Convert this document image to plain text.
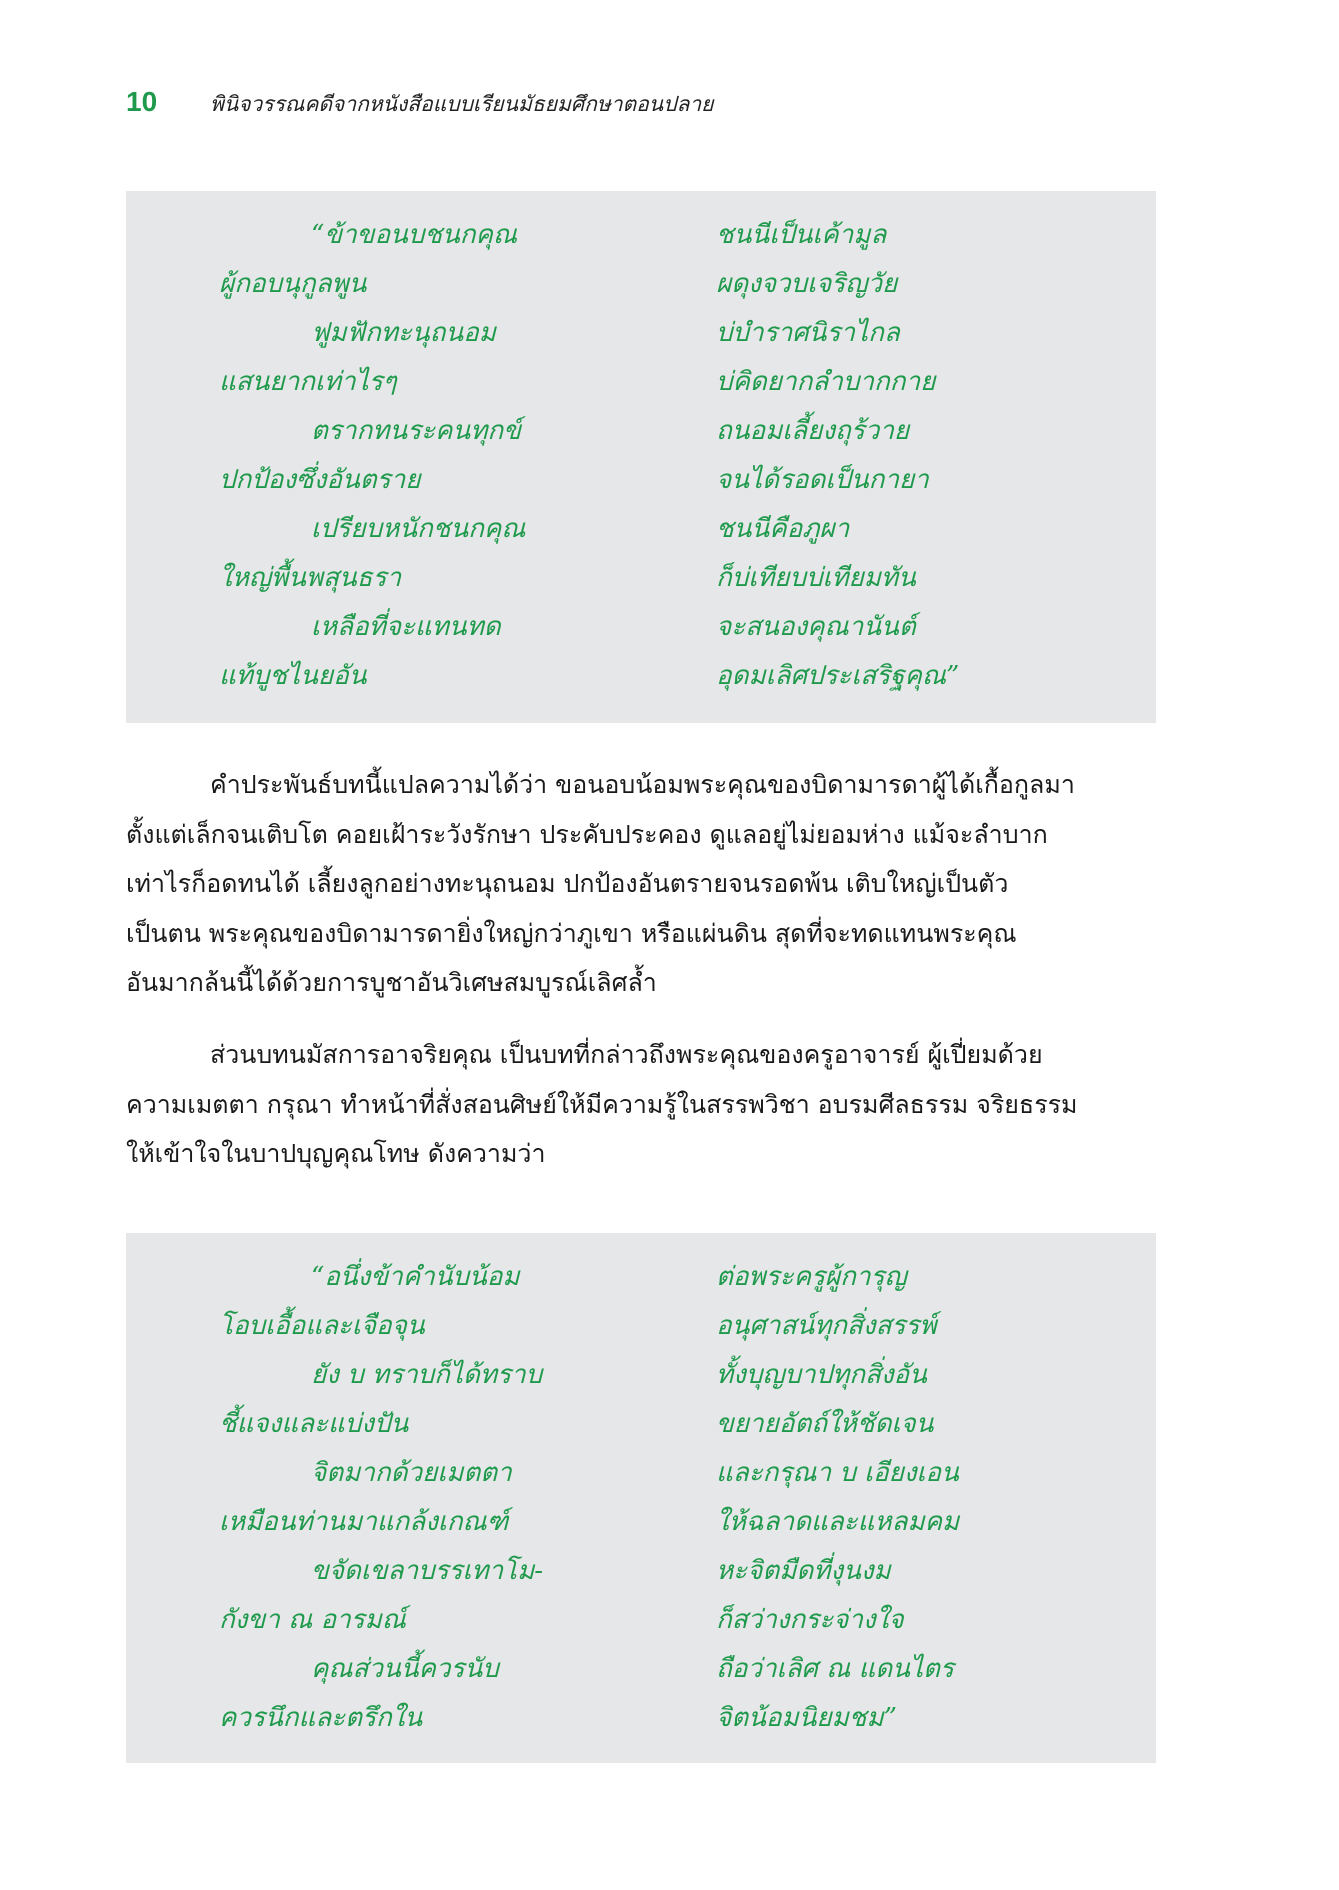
10	พินิจวรรณคดีจากหนังสือแบบเรียนมัธยมศึกษาตอนปลาย
“ข้าขอนบชนกคุณ	ชนนีเป็นเค้ามูล
ผู้กอบนุกูลพูน	ผดุงจวบเจริญวัย
ฟูมฟักทะนุถนอม	บ่บำราศนิราไกล
แสนยากเท่าไรๆ	บ่คิดยากลำบากกาย
ตรากทนระคนทุกข์	ถนอมเลี้ยงถุร้วาย
ปกป้องซึ่งอันตราย	จนได้รอดเป็นกายา
เปรียบหนักชนกคุณ	ชนนีคือภูผา
ใหญ่พื้นพสุนธรา	ก็บ่เทียบบ่เทียมทัน
เหลือที่จะแทนทด	จะสนองคุณานันต์
แท้บูชไนยอัน	อุดมเลิศประเสริฐคุณ”
คำประพันธ์บทนี้แปลความได้ว่า ขอนอบน้อมพระคุณของบิดามารดาผู้ได้เกื้อกูลมา
ตั้งแต่เล็กจนเติบโต คอยเฝ้าระวังรักษา ประคับประคอง ดูแลอยู่ไม่ยอมห่าง แม้จะลำบาก
เท่าไรก็อดทนได้ เลี้ยงลูกอย่างทะนุถนอม ปกป้องอันตรายจนรอดพ้น เติบใหญ่เป็นตัว
เป็นตน พระคุณของบิดามารดายิ่งใหญ่กว่าภูเขา หรือแผ่นดิน สุดที่จะทดแทนพระคุณ
อันมากล้นนี้ได้ด้วยการบูชาอันวิเศษสมบูรณ์เลิศล้ำ
ส่วนบทนมัสการอาจริยคุณ เป็นบทที่กล่าวถึงพระคุณของครูอาจารย์ ผู้เปี่ยมด้วย
ความเมตตา กรุณา ทำหน้าที่สั่งสอนศิษย์ให้มีความรู้ในสรรพวิชา อบรมศีลธรรม จริยธรรม
ให้เข้าใจในบาปบุญคุณโทษ ดังความว่า
“อนึ่งข้าคำนับน้อม	ต่อพระครูผู้การุญ
โอบเอื้อและเจือจุน	อนุศาสน์ทุกสิ่งสรรพ์
ยัง บ ทราบก็ได้ทราบ	ทั้งบุญบาปทุกสิ่งอัน
ชี้แจงและแบ่งปัน	ขยายอัตถ์ให้ชัดเจน
จิตมากด้วยเมตตา	และกรุณา บ เอียงเอน
เหมือนท่านมาแกล้งเกณฑ์	ให้ฉลาดและแหลมคม
ขจัดเขลาบรรเทาโม-	หะจิตมืดที่งุนงม
กังขา ณ อารมณ์	ก็สว่างกระจ่างใจ
คุณส่วนนี้ควรนับ	ถือว่าเลิศ ณ แดนไตร
ควรนึกและตรึกใน	จิตน้อมนิยมชม”
